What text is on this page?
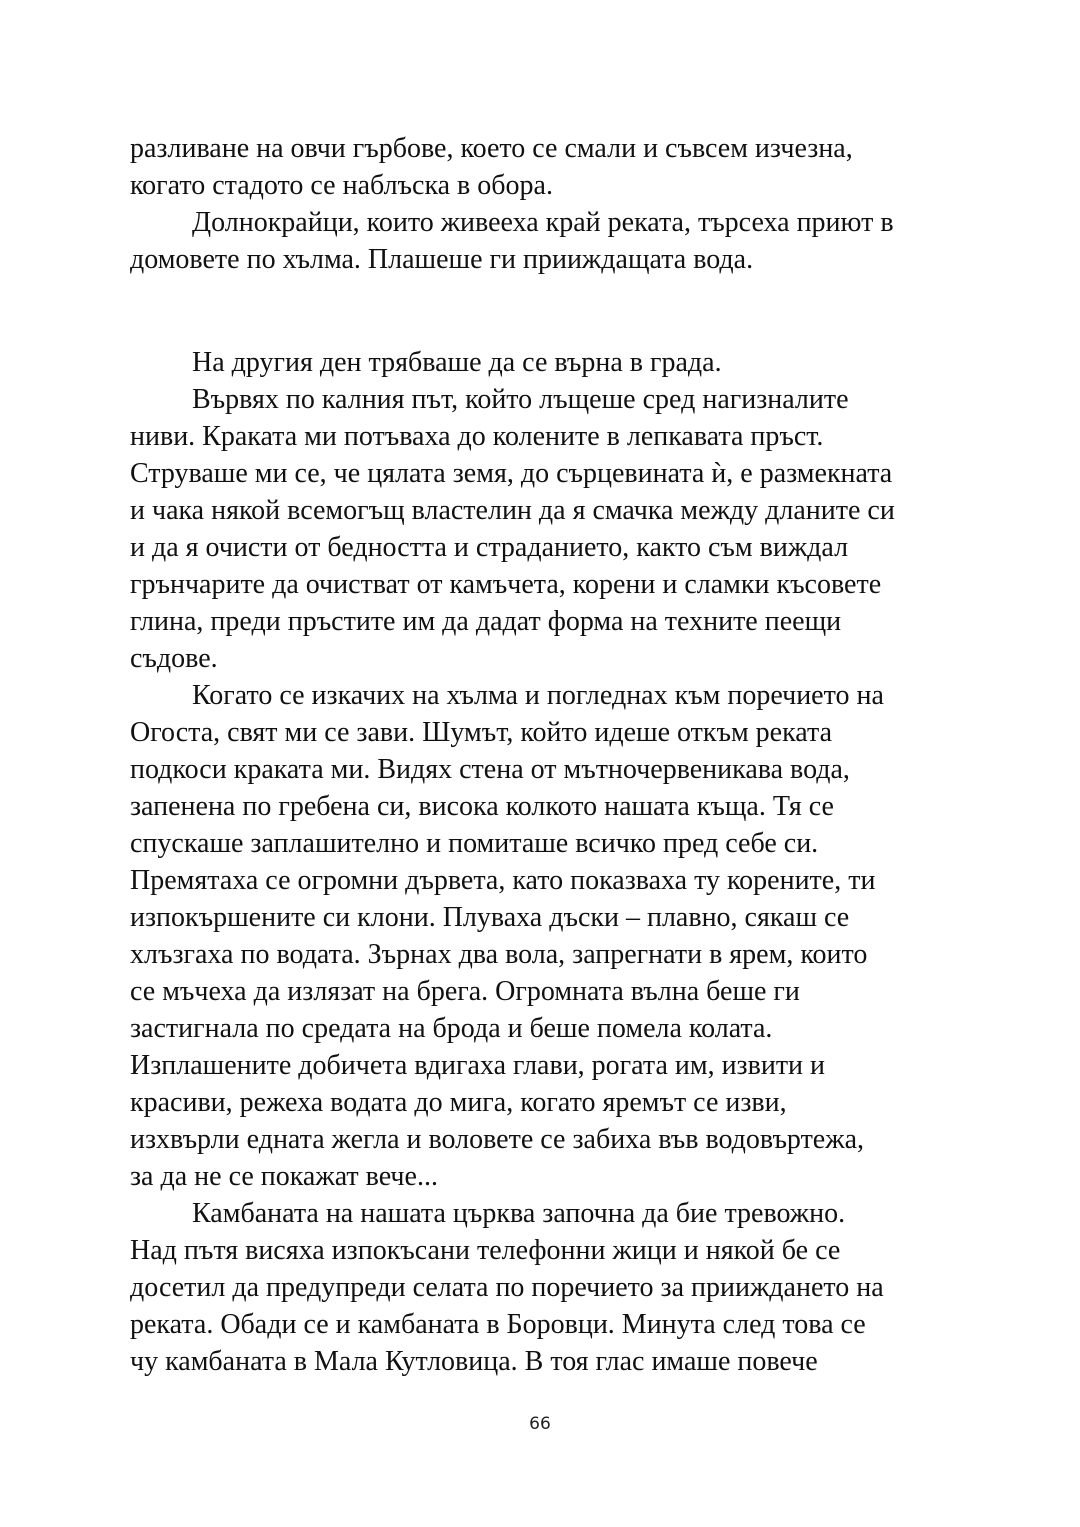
разливане на овчи гърбове, което се смали и съвсем изчезна,
когато стадото се наблъска в обора.

Долнокрайци, които живееха край реката, търсеха приют в
домовете по хълма. Плашеше ги прииждащата вода.

На другия ден трябваше да се върна в града.

Вървях по калния път, който лъщеше сред нагизналите
ниви. Краката ми потъваха до колените в лепкавата пръст.
Струваше ми се, че цялата земя, до сърцевината ѝ, е размекната
и чака някой всемогъщ властелин да я смачка между дланите си
и да я очисти от бедността и страданието, както съм виждал
грънчарите да очистват от камъчета, корени и сламки късовете
глина, преди пръстите им да дадат форма на техните пеещи
съдове.

Когато се изкачих на хълма и погледнах към поречието на
Огоста, свят ми се зави. Шумът, който идеше откъм реката
подкоси краката ми. Видях стена от мътночервеникава вода,
запенена по гребена си, висока колкото нашата къща. Тя се
спускаше заплашително и помиташе всичко пред себе си.
Премятаха се огромни дървета, като показваха ту корените, ти
изпокършените си клони. Плуваха дъски – плавно, сякаш се
хлъзгаха по водата. Зърнах два вола, запрегнати в ярем, които
се мъчеха да излязат на брега. Огромната вълна беше ги
застигнала по средата на брода и беше помела колата.
Изплашените добичета вдигаха глави, рогата им, извити и
красиви, режеха водата до мига, когато яремът се изви,
изхвърли едната жегла и воловете се забиха във водовъртежа,
за да не се покажат вече...

Камбаната на нашата църква започна да бие тревожно.
Над пътя висяха изпокъсани телефонни жици и някой бе се
досетил да предупреди селата по поречието за прииждането на
реката. Обади се и камбаната в Боровци. Минута след това се
чу камбаната в Мала Кутловица. В тоя глас имаше повече

66
